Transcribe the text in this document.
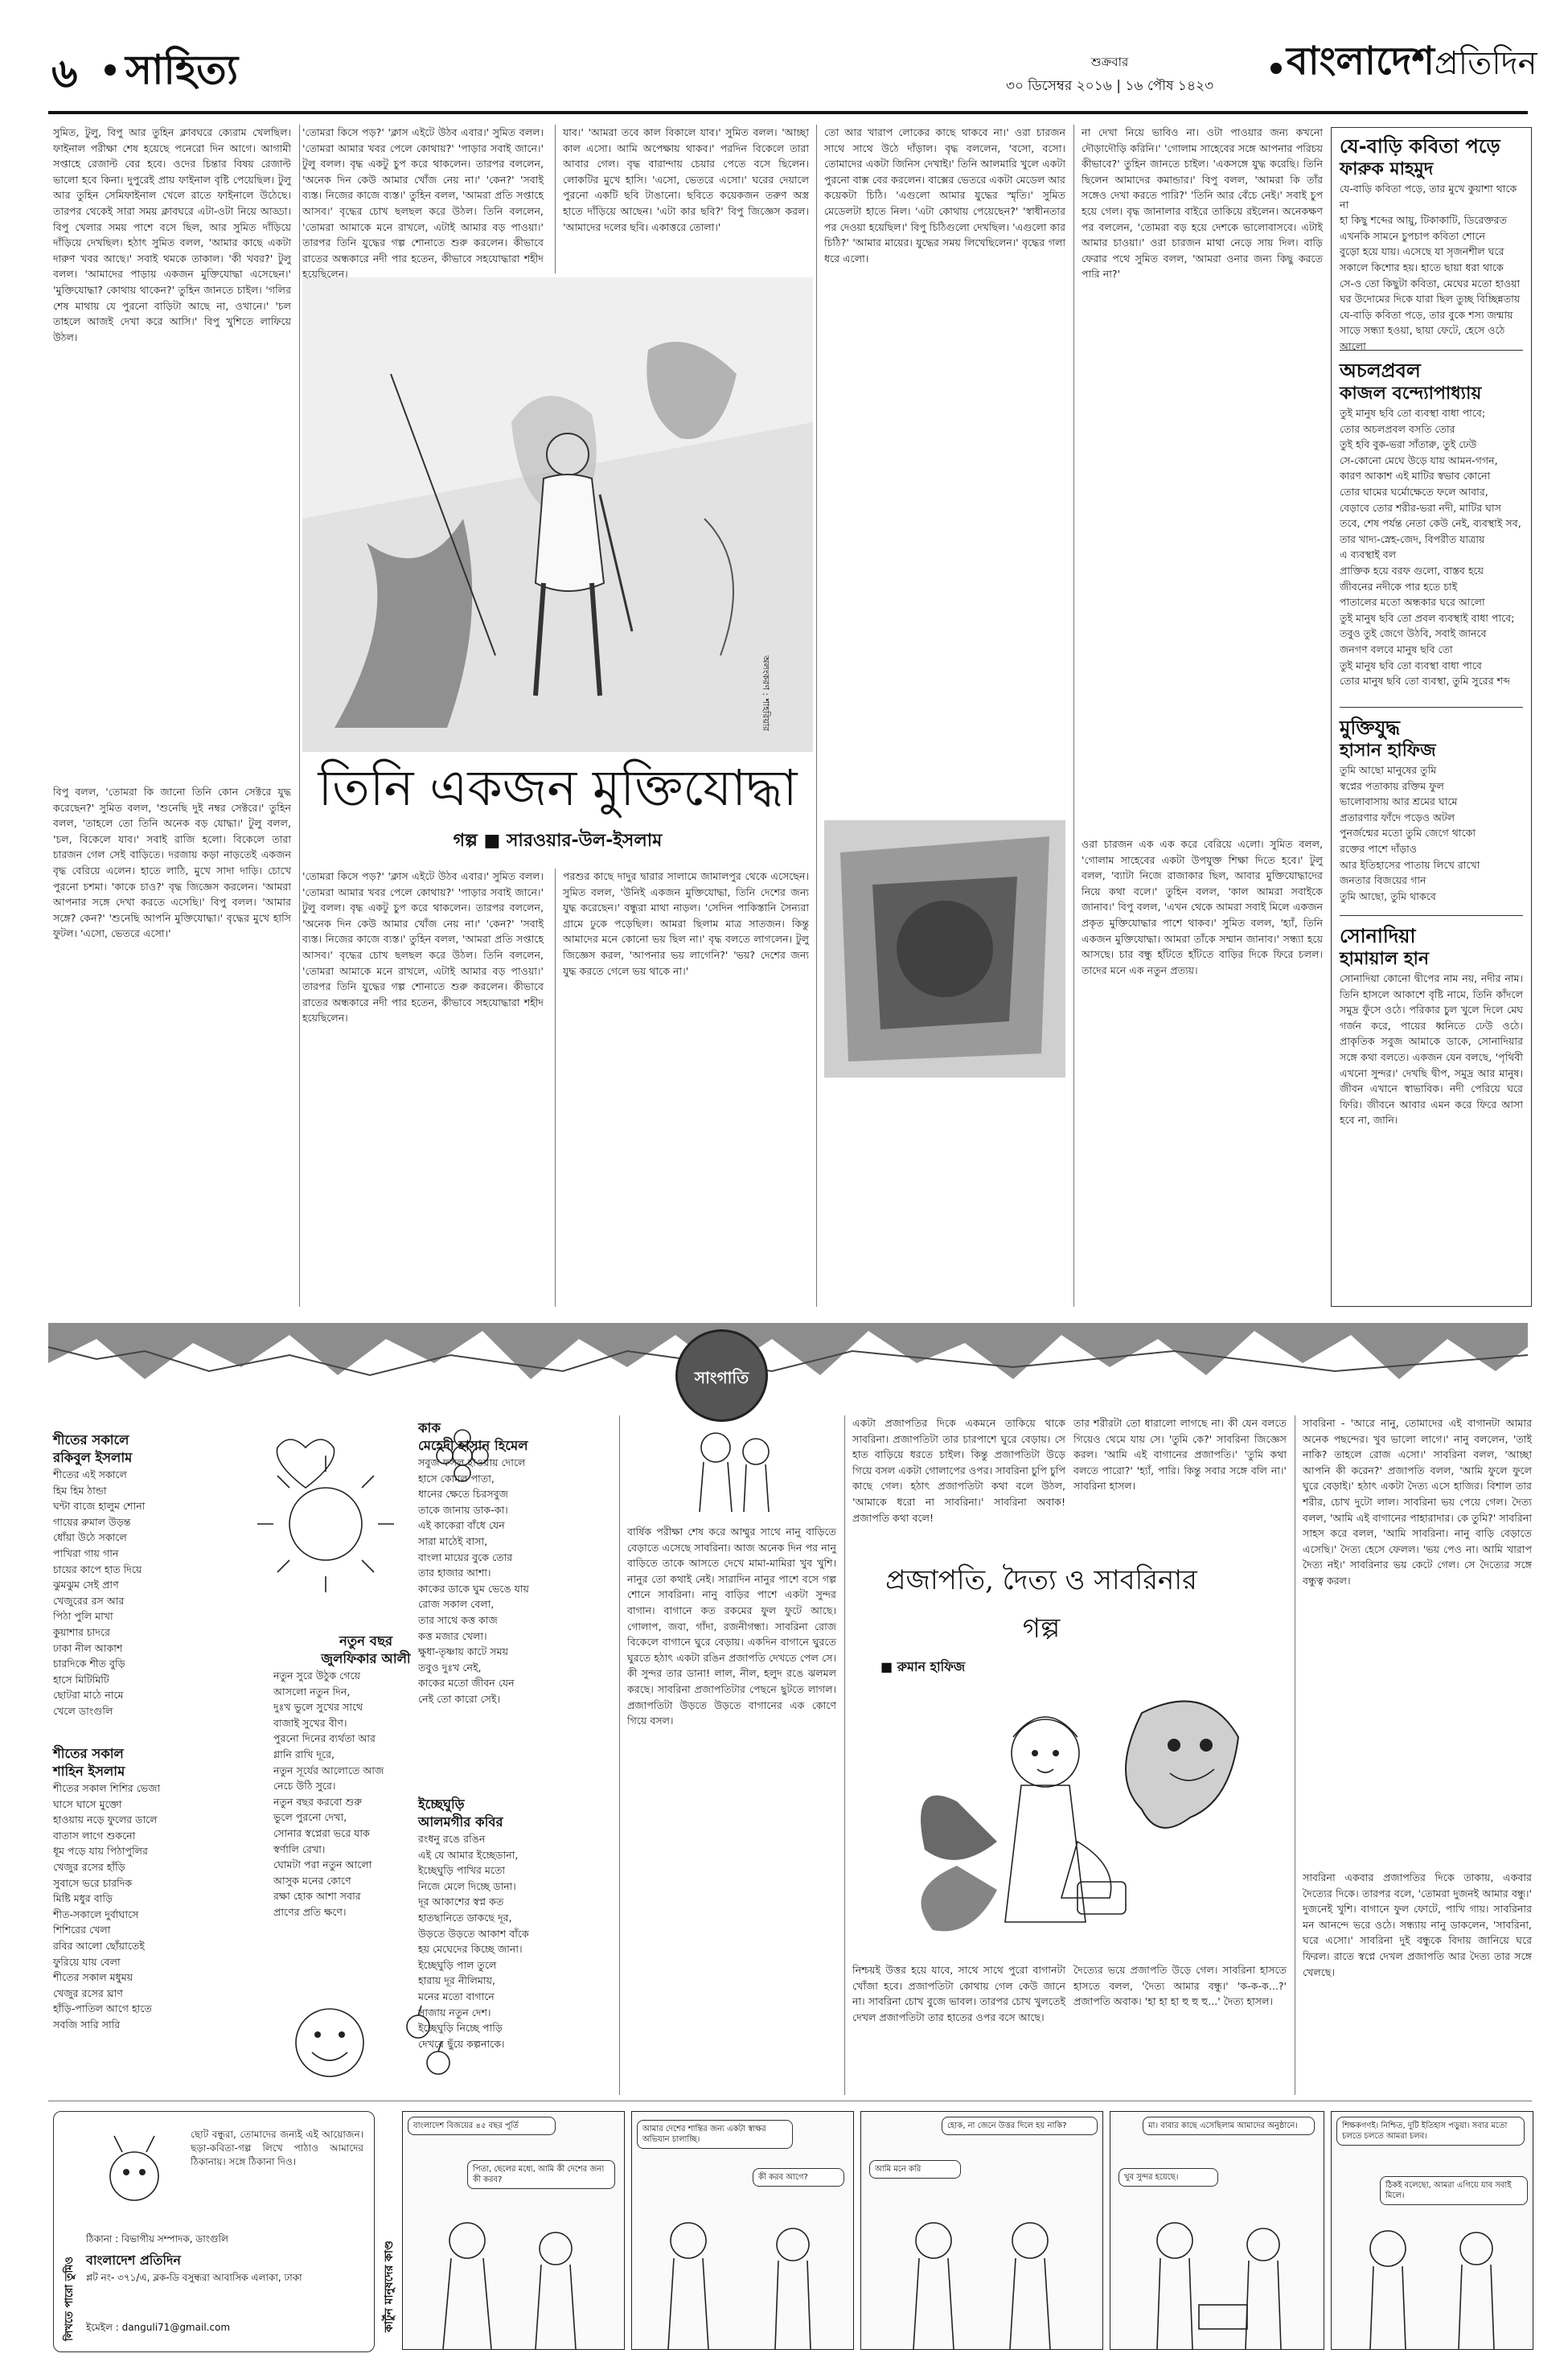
৬ সাহিত্য	শুক্রবার
৩০ ডিসেম্বর ২০১৬ | ১৬ পৌষ ১৪২৩
বাংলাদেশপ্রতিদিন
সুমিত, টুলু, বিপু আর তুহিন ক্লাবঘরে ক্যেরাম খেলছিল। ফাইনাল পরীক্ষা শেষ হয়েছে পনেরো দিন আগে। আগামী সপ্তাহে রেজাল্ট বের হবে। ওদের চিন্তার বিষয় রেজাল্ট ভালো হবে কিনা। দুপুরেই প্রায় ফাইনাল বৃষ্টি পেয়েছিল। টুলু আর তুহিন সেমিফাইনাল খেলে রাতে ফাইনালে উঠেছে। তারপর থেকেই সারা সময় ক্লাবঘরে এটা-ওটা নিয়ে আড্ডা। বিপু খেলার সময় পাশে বসে ছিল, আর সুমিত দাঁড়িয়ে দাঁড়িয়ে দেখছিল। হঠাৎ সুমিত বলল, 'আমার কাছে একটা দারুণ খবর আছে।' সবাই থমকে তাকাল। 'কী খবর?' টুলু বলল। 'আমাদের পাড়ায় একজন মুক্তিযোদ্ধা এসেছেন।' 'মুক্তিযোদ্ধা? কোথায় থাকেন?' তুহিন জানতে চাইল। 'গলির শেষ মাথায় যে পুরনো বাড়িটা আছে না, ওখানে।' 'চল তাহলে আজই দেখা করে আসি।' বিপু খুশিতে লাফিয়ে উঠল।
অলংকরণ : শাহরিয়ার
তিনি একজন মুক্তিযোদ্ধা
গল্প ■ সারওয়ার-উল-ইসলাম
বিপু বলল, 'তোমরা কি জানো তিনি কোন সেক্টরে যুদ্ধ করেছেন?' সুমিত বলল, 'শুনেছি দুই নম্বর সেক্টরে।' তুহিন বলল, 'তাহলে তো তিনি অনেক বড় যোদ্ধা।' টুলু বলল, 'চল, বিকেলে যাব।' সবাই রাজি হলো। বিকেলে তারা চারজন গেল সেই বাড়িতে। দরজায় কড়া নাড়তেই একজন বৃদ্ধ বেরিয়ে এলেন। হাতে লাঠি, মুখে সাদা দাড়ি। চোখে পুরনো চশমা। 'কাকে চাও?' বৃদ্ধ জিজ্ঞেস করলেন। 'আমরা আপনার সঙ্গে দেখা করতে এসেছি।' বিপু বলল। 'আমার সঙ্গে? কেন?' 'শুনেছি আপনি মুক্তিযোদ্ধা।' বৃদ্ধের মুখে হাসি ফুটল। 'এসো, ভেতরে এসো।'
'তোমরা কিসে পড়?' 'ক্লাস এইটে উঠব এবার।' সুমিত বলল। 'তোমরা আমার খবর পেলে কোথায়?' 'পাড়ার সবাই জানে।' টুলু বলল। বৃদ্ধ একটু চুপ করে থাকলেন। তারপর বললেন, 'অনেক দিন কেউ আমার খোঁজ নেয় না।' 'কেন?' 'সবাই ব্যস্ত। নিজের কাজে ব্যস্ত।' তুহিন বলল, 'আমরা প্রতি সপ্তাহে আসব।' বৃদ্ধের চোখ ছলছল করে উঠল। তিনি বললেন, 'তোমরা আমাকে মনে রাখলে, এটাই আমার বড় পাওয়া।' তারপর তিনি যুদ্ধের গল্প শোনাতে শুরু করলেন। কীভাবে রাতের অন্ধকারে নদী পার হতেন, কীভাবে সহযোদ্ধারা শহীদ হয়েছিলেন।
'তোমরা কিসে পড়?' 'ক্লাস এইটে উঠব এবার।' সুমিত বলল। 'তোমরা আমার খবর পেলে কোথায়?' 'পাড়ার সবাই জানে।' টুলু বলল। বৃদ্ধ একটু চুপ করে থাকলেন। তারপর বললেন, 'অনেক দিন কেউ আমার খোঁজ নেয় না।' 'কেন?' 'সবাই ব্যস্ত। নিজের কাজে ব্যস্ত।' তুহিন বলল, 'আমরা প্রতি সপ্তাহে আসব।' বৃদ্ধের চোখ ছলছল করে উঠল। তিনি বললেন, 'তোমরা আমাকে মনে রাখলে, এটাই আমার বড় পাওয়া।' তারপর তিনি যুদ্ধের গল্প শোনাতে শুরু করলেন। কীভাবে রাতের অন্ধকারে নদী পার হতেন, কীভাবে সহযোদ্ধারা শহীদ হয়েছিলেন।
যাব।' 'আমরা তবে কাল বিকালে যাব।' সুমিত বলল। 'আচ্ছা কাল এসো। আমি অপেক্ষায় থাকব।' পরদিন বিকেলে তারা আবার গেল। বৃদ্ধ বারান্দায় চেয়ার পেতে বসে ছিলেন। লোকটির মুখে হাসি। 'এসো, ভেতরে এসো।' ঘরের দেয়ালে পুরনো একটি ছবি টাঙানো। ছবিতে কয়েকজন তরুণ অস্ত্র হাতে দাঁড়িয়ে আছেন। 'এটা কার ছবি?' বিপু জিজ্ঞেস করল। 'আমাদের দলের ছবি। একাত্তরে তোলা।'
পরশুর কাছে দাদুর দ্বারার সালামে জামালপুর থেকে এসেছেন। সুমিত বলল, 'উনিই একজন মুক্তিযোদ্ধা, তিনি দেশের জন্য যুদ্ধ করেছেন।' বন্ধুরা মাথা নাড়ল। 'সেদিন পাকিস্তানি সৈন্যরা গ্রামে ঢুকে পড়েছিল। আমরা ছিলাম মাত্র সাতজন। কিন্তু আমাদের মনে কোনো ভয় ছিল না।' বৃদ্ধ বলতে লাগলেন। টুলু জিজ্ঞেস করল, 'আপনার ভয় লাগেনি?' 'ভয়? দেশের জন্য যুদ্ধ করতে গেলে ভয় থাকে না।'
তো আর খারাপ লোকের কাছে থাকবে না।' ওরা চারজন সাথে সাথে উঠে দাঁড়াল। বৃদ্ধ বললেন, 'বসো, বসো। তোমাদের একটা জিনিস দেখাই।' তিনি আলমারি খুলে একটা পুরনো বাক্স বের করলেন। বাক্সের ভেতরে একটা মেডেল আর কয়েকটা চিঠি। 'এগুলো আমার যুদ্ধের স্মৃতি।' সুমিত মেডেলটা হাতে নিল। 'এটা কোথায় পেয়েছেন?' 'স্বাধীনতার পর দেওয়া হয়েছিল।' বিপু চিঠিগুলো দেখছিল। 'এগুলো কার চিঠি?' 'আমার মায়ের। যুদ্ধের সময় লিখেছিলেন।' বৃদ্ধের গলা ধরে এলো।
না দেখা নিয়ে ভাবিও না। ওটা পাওয়ার জন্য কখনো দৌড়াদৌড়ি করিনি।' 'গোলাম সাহেবের সঙ্গে আপনার পরিচয় কীভাবে?' তুহিন জানতে চাইল। 'একসঙ্গে যুদ্ধ করেছি। তিনি ছিলেন আমাদের কমান্ডার।' বিপু বলল, 'আমরা কি তাঁর সঙ্গেও দেখা করতে পারি?' 'তিনি আর বেঁচে নেই।' সবাই চুপ হয়ে গেল। বৃদ্ধ জানালার বাইরে তাকিয়ে রইলেন। অনেকক্ষণ পর বললেন, 'তোমরা বড় হয়ে দেশকে ভালোবাসবে। এটাই আমার চাওয়া।' ওরা চারজন মাথা নেড়ে সায় দিল। বাড়ি ফেরার পথে সুমিত বলল, 'আমরা ওনার জন্য কিছু করতে পারি না?'
ওরা চারজন এক এক করে বেরিয়ে এলো। সুমিত বলল, 'গোলাম সাহেবের একটা উপযুক্ত শিক্ষা দিতে হবে।' টুলু বলল, 'ব্যাটা নিজে রাজাকার ছিল, আবার মুক্তিযোদ্ধাদের নিয়ে কথা বলে।' তুহিন বলল, 'কাল আমরা সবাইকে জানাব।' বিপু বলল, 'এখন থেকে আমরা সবাই মিলে একজন প্রকৃত মুক্তিযোদ্ধার পাশে থাকব।' সুমিত বলল, 'হ্যাঁ, তিনি একজন মুক্তিযোদ্ধা। আমরা তাঁকে সম্মান জানাব।' সন্ধ্যা হয়ে আসছে। চার বন্ধু হাঁটতে হাঁটতে বাড়ির দিকে ফিরে চলল। তাদের মনে এক নতুন প্রত্যয়।
যে-বাড়ি কবিতা পড়ে
ফারুক মাহমুদ
যে-বাড়ি কবিতা পড়ে, তার মুখে কুয়াশা থাকে না
হা কিছু শব্দের আয়ু, টিকাকাটি, ডিরেক্তরত
এখনকি সামনে চুপচাপ কবিতা শোনে
বুড়ো হয়ে যায়। এসেছে যা সৃজনশীল ঘরে
সকালে কিশোর হয়। হাতে ছায়া ধরা থাকে
সে-ও তো কিছুটা কবিতা, মেঘের মতো হাওয়া
ঘর উদোমের দিকে যারা ছিল তুচ্ছ বিচ্ছিন্নতায়
যে-বাড়ি কবিতা পড়ে, তার বুকে শস্য জন্মায়
সাড়ে সন্ধ্যা হওয়া, ছায়া ফেটে, হেসে ওঠে আলো
অচলপ্রবল
কাজল বন্দ্যোপাধ্যায়
তুই মানুষ ছবি তো ব্যবস্থা বাধা পাবে;
তোর অচলপ্রবল বসতি তোর
তুই হবি বুক-ভরা সাঁতারু, তুই ঢেউ
সে-কোনো মেঘে উড়ে যায় আমন-গগন,
কারণ আকাশ এই মাটির স্বভাব কোনো
তোর ঘামের ঘর্মোক্ষেতে ফলে আবার,
বেড়াবে তোর শরীর-ভরা নদী, মাটির ঘাস
তবে, শেষ পর্যন্ত নেতা কেউ নেই, ব্যবস্থাই সব,
তার খাদ্য-স্নেহ-জেদ, বিপরীত যাত্রায়
এ ব্যবস্থাই বল
প্রাক্তিক হয়ে বরফ গুলো, বাস্তব হয়ে
জীবনের নদীকে পার হতে চাই
পাতালের মতো অন্ধকার ঘরে আলো
তুই মানুষ ছবি তো প্রবল ব্যবস্থাই বাধা পাবে;
তবুও তুই জেগে উঠবি, সবাই জানবে
জনগণ বলবে মানুষ ছবি তো
তুই মানুষ ছবি তো ব্যবস্থা বাধা পাবে
তোর মানুষ ছবি তো ব্যবস্থা, তুমি সুরের শব্দ
মুক্তিযুদ্ধ
হাসান হাফিজ
তুমি আছো মানুষের তুমি
স্বপ্নের পতাকায় রক্তিম ফুল
ভালোবাসায় আর শ্রমের ঘামে
প্রতারণার ফাঁদে পড়েও অটল
পুনর্জন্মের মতো তুমি জেগে থাকো
রক্তের পাশে দাঁড়াও
আর ইতিহাসের পাতায় লিখে রাখো
জনতার বিজয়ের গান
তুমি আছো, তুমি থাকবে
সোনাদিয়া
হামায়াল হান
সোনাদিয়া কোনো দ্বীপের নাম নয়, নদীর নাম। তিনি হাসলে আকাশে বৃষ্টি নামে, তিনি কাঁদলে সমুদ্র ফুঁসে ওঠে। পরিকার চুল খুলে দিলে মেঘ গর্জন করে, পায়ের ধ্বনিতে ঢেউ ওঠে। প্রাকৃতিক সবুজ আমাকে ডাকে, সোনাদিয়ার সঙ্গে কথা বলতে। একজন যেন বলছে, 'পৃথিবী এখনো সুন্দর।' দেখছি দ্বীপ, সমুদ্র আর মানুষ। জীবন এখানে স্বাভাবিক। নদী পেরিয়ে ঘরে ফিরি। জীবনে আবার এমন করে ফিরে আসা হবে না, জানি।
সাংগাতি
শীতের সকালে
রকিবুল ইসলাম
শীতের এই সকালে
হিম হিম ঠান্ডা
ঘন্টা বাজে হালুম শোনা
গায়ের রুমাল উড়ন্ত
ধোঁয়া উঠে সকালে
পাখিরা গায় গান
চায়ের কাপে হাত দিয়ে
ঝুমঝুম সেই প্রাণ
খেজুরের রস আর
পিঠা পুলি মাখা
কুয়াশার চাদরে
ঢাকা নীল আকাশ
চারদিকে শীত বুড়ি
হাসে মিটিমিটি
ছোটরা মাঠে নামে
খেলে ডাংগুলি
শীতের সকাল
শাহিন ইসলাম
শীতের সকাল শিশির ভেজা
ঘাসে ঘাসে মুক্তো
হাওয়ায় নড়ে ফুলের ডালে
বাতাস লাগে শুকনো
ধূম পড়ে যায় পিঠাপুলির
খেজুর রসের হাঁড়ি
সুবাসে ভরে চারদিক
মিষ্টি মধুর বাড়ি
শীত-সকালে দুর্বাঘাসে
শিশিরের খেলা
রবির আলো ছোঁয়াতেই
ফুরিয়ে যায় বেলা
শীতের সকাল মধুময়
খেজুর রসের ঘ্রাণ
হাঁড়ি-পাতিল আগে হাতে
সবজি সারি সারি
নতুন বছর
জুলফিকার আলী
নতুন সুরে উঠুক গেয়ে
আসলো নতুন দিন,
দুঃখ ভুলে সুখের সাথে
বাজাই সুখের বীণ।
পুরনো দিনের ব্যর্থতা আর
গ্লানি রাখি দূরে,
নতুন সূর্যের আলোতে আজ
নেচে উঠি সুরে।
নতুন বছর করবো শুরু
ভুলে পুরনো দেখা,
সোনার স্বপ্নেরা ভরে যাক
স্বর্ণালি রেখা।
ঘোমটা পরা নতুন আলো
আসুক মনের কোণে
রক্ষা হোক আশা সবার
প্রাণের প্রতি ক্ষণে।
কাক
মেহেদী হাসান হিমেল
সবুজ ফসল হাওয়ায় দোলে
হাসে কোমল পাতা,
ধানের ক্ষেতে চিরসবুজ
তাকে জানায় ডাক-কা।
এই কাকেরা বাঁধে যেন
সারা মাঠেই বাসা,
বাংলা মায়ের বুকে তোর
তার হাজার আশা।
কাকের ডাকে ঘুম ভেঙে যায়
রোজ সকাল বেলা,
তার সাথে কত্ত কাজ
কত্ত মজার খেলা।
ক্ষুধা-তৃষ্ণায় কাটে সময়
তবুও দুঃখ নেই,
কাকের মতো জীবন যেন
নেই তো কারো সেই।
ইচ্ছেঘুড়ি
আলমগীর কবির
রংধনু রঙে রঙিন
এই যে আমার ইচ্ছেডানা,
ইচ্ছেঘুড়ি পাখির মতো
নিজে মেলে দিচ্ছে ডানা।
দূর আকাশের স্বপ্ন কত
হাতছানিতে ডাকছে দূর,
উড়তে উড়তে আকাশ বাঁকে
হয় মেঘেদের কিচ্ছে জানা।
ইচ্ছেঘুড়ি পাল তুলে
হারায় দূর নীলিমায়,
মনের মতো বাগানে
সাজায় নতুন দেশ।
ইচ্ছেঘুড়ি নিচ্ছে পাড়ি
দেখবে ছুঁয়ে কল্পনাকে।
বার্ষিক পরীক্ষা শেষ করে আম্মুর সাথে নানু বাড়িতে বেড়াতে এসেছে সাবরিনা। আজ অনেক দিন পর নানু বাড়িতে তাকে আসতে দেখে মামা-মামিরা খুব খুশি। নানুর তো কথাই নেই। সারাদিন নানুর পাশে বসে গল্প শোনে সাবরিনা। নানু বাড়ির পাশে একটা সুন্দর বাগান। বাগানে কত রকমের ফুল ফুটে আছে। গোলাপ, জবা, গাঁদা, রজনীগন্ধা। সাবরিনা রোজ বিকেলে বাগানে ঘুরে বেড়ায়। একদিন বাগানে ঘুরতে ঘুরতে হঠাৎ একটা রঙিন প্রজাপতি দেখতে পেল সে। কী সুন্দর তার ডানা! লাল, নীল, হলুদ রঙে ঝলমল করছে। সাবরিনা প্রজাপতিটার পেছনে ছুটতে লাগল। প্রজাপতিটা উড়তে উড়তে বাগানের এক কোণে গিয়ে বসল।
একটা প্রজাপতির দিকে একমনে তাকিয়ে থাকে সাবরিনা। প্রজাপতিটা তার চারপাশে ঘুরে বেড়ায়। সে হাত বাড়িয়ে ধরতে চাইল। কিন্তু প্রজাপতিটা উড়ে গিয়ে বসল একটা গোলাপের ওপর। সাবরিনা চুপি চুপি কাছে গেল। হঠাৎ প্রজাপতিটা কথা বলে উঠল, 'আমাকে ধরো না সাবরিনা।' সাবরিনা অবাক! প্রজাপতি কথা বলে!
তার শরীরটা তো ধারালো লাগছে না। কী যেন বলতে গিয়েও থেমে যায় সে। 'তুমি কে?' সাবরিনা জিজ্ঞেস করল। 'আমি এই বাগানের প্রজাপতি।' 'তুমি কথা বলতে পারো?' 'হ্যাঁ, পারি। কিন্তু সবার সঙ্গে বলি না।' সাবরিনা হাসল।
প্রজাপতি, দৈত্য ও সাবরিনার গল্প
■ রুমান হাফিজ
নিশ্চয়ই উত্তর হয়ে যাবে, সাথে সাথে পুরো বাগানটা খোঁজা হবে। প্রজাপতিটা কোথায় গেল কেউ জানে না। সাবরিনা চোখ বুজে ভাবল। তারপর চোখ খুলতেই দেখল প্রজাপতিটা তার হাতের ওপর বসে আছে।
দৈত্যের ভয়ে প্রজাপতি উড়ে গেল। সাবরিনা হাসতে হাসতে বলল, 'দৈত্য আমার বন্ধু।' 'ক-ক-ক...?' প্রজাপতি অবাক। 'হা হা হা হু হু হু...' দৈত্য হাসল।
সাবরিনা - 'আরে নানু, তোমাদের এই বাগানটা আমার অনেক পছন্দের। খুব ভালো লাগে।' নানু বললেন, 'তাই নাকি? তাহলে রোজ এসো।' সাবরিনা বলল, 'আচ্ছা আপনি কী করেন?' প্রজাপতি বলল, 'আমি ফুলে ফুলে ঘুরে বেড়াই।' হঠাৎ একটা দৈত্য এসে হাজির। বিশাল তার শরীর, চোখ দুটো লাল। সাবরিনা ভয় পেয়ে গেল। দৈত্য বলল, 'আমি এই বাগানের পাহারাদার। কে তুমি?' সাবরিনা সাহস করে বলল, 'আমি সাবরিনা। নানু বাড়ি বেড়াতে এসেছি।' দৈত্য হেসে ফেলল। 'ভয় পেও না। আমি খারাপ দৈত্য নই।' সাবরিনার ভয় কেটে গেল। সে দৈত্যের সঙ্গে বন্ধুত্ব করল।
সাবরিনা একবার প্রজাপতির দিকে তাকায়, একবার দৈত্যের দিকে। তারপর বলে, 'তোমরা দুজনই আমার বন্ধু।' দুজনেই খুশি। বাগানে ফুল ফোটে, পাখি গায়। সাবরিনার মন আনন্দে ভরে ওঠে। সন্ধ্যায় নানু ডাকলেন, 'সাবরিনা, ঘরে এসো।' সাবরিনা দুই বন্ধুকে বিদায় জানিয়ে ঘরে ফিরল। রাতে স্বপ্নে দেখল প্রজাপতি আর দৈত্য তার সঙ্গে খেলছে।
লিখতে পারো তুমিও
ছোট বন্ধুরা, তোমাদের জন্যই এই আয়োজন। ছড়া-কবিতা-গল্প লিখে পাঠাও আমাদের ঠিকানায়। সঙ্গে ঠিকানা দিও।
ঠিকানা : বিভাগীয় সম্পাদক, ডাংগুলি
বাংলাদেশ প্রতিদিন
প্লট নং- ৩৭১/এ, ব্লক-ডি বসুন্ধরা আবাসিক এলাকা, ঢাকা
ইমেইল : danguli71@gmail.com	কার্টুন মানুষদের কাণ্ড
বাংলাদেশ বিজয়ের ৪৫ বছর পূর্তি
পিতা, ছেলের মধ্যে, আমি কী দেশের জন্য কী করব?
আমার দেশের শান্তির জন্য একটা স্বাক্ষর অভিযান চালাচ্ছি।
কী করব আগে?
হোক, না জেনে উত্তর দিলে হয় নাকি?
আমি মনে করি
মা। বাবার কাছে এসেছিলাম আমাদের অনুষ্ঠানে।
খুব সুন্দর হয়েছে।
শিক্ষকগণই। নিশ্চিত, দুটি ইতিহাস পড়ুয়া। সবার মতো চলতে চলতে আমরা চলব।
ঠিকই বলেছো, আমরা এগিয়ে যাব সবাই মিলে।
